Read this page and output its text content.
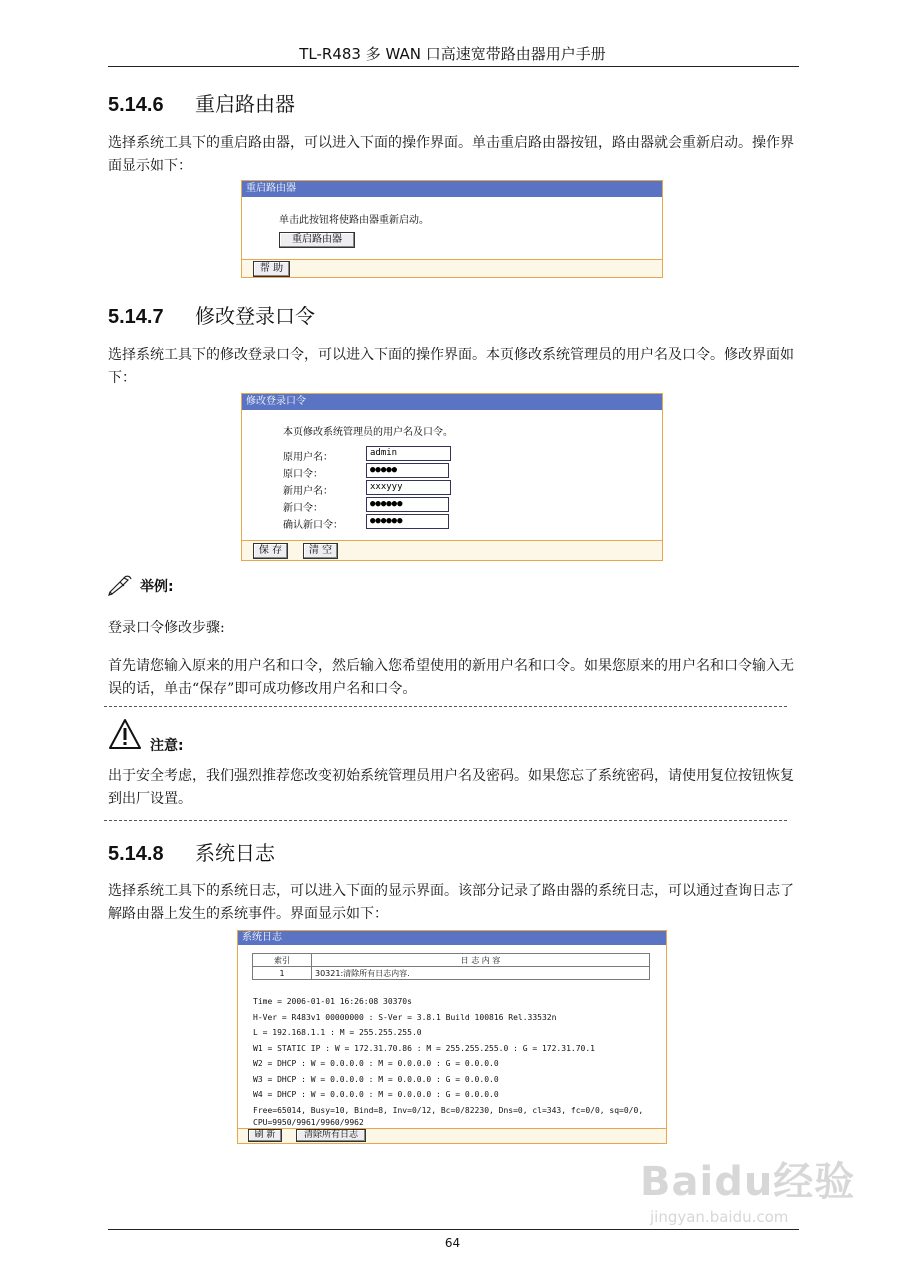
TL-R483 多 WAN 口高速宽带路由器用户手册
5.14.6 重启路由器
选择系统工具下的重启路由器，可以进入下面的操作界面。单击重启路由器按钮，路由器就会重新启动。操作界面显示如下：
重启路由器
单击此按钮将使路由器重新启动。
重启路由器
帮 助
5.14.7 修改登录口令
选择系统工具下的修改登录口令，可以进入下面的操作界面。本页修改系统管理员的用户名及口令。修改界面如下：
修改登录口令
本页修改系统管理员的用户名及口令。
原用户名：	admin
原口令：	●●●●●
新用户名：	xxxyyy
新口令：	●●●●●●
确认新口令：	●●●●●●
保 存	清 空
举例:
登录口令修改步骤:
首先请您输入原来的用户名和口令，然后输入您希望使用的新用户名和口令。如果您原来的用户名和口令输入无误的话，单击“保存”即可成功修改用户名和口令。
注意:
出于安全考虑，我们强烈推荐您改变初始系统管理员用户名及密码。如果您忘了系统密码，请使用复位按钮恢复到出厂设置。
5.14.8 系统日志
选择系统工具下的系统日志，可以进入下面的显示界面。该部分记录了路由器的系统日志，可以通过查询日志了解路由器上发生的系统事件。界面显示如下：
系统日志
索引	日 志 内 容
1	30321:清除所有日志内容.
Time = 2006-01-01 16:26:08 30370s
H-Ver = R483v1 00000000 : S-Ver = 3.8.1 Build 100816 Rel.33532n
L = 192.168.1.1 : M = 255.255.255.0
W1 = STATIC IP : W = 172.31.70.86 : M = 255.255.255.0 : G = 172.31.70.1
W2 = DHCP : W = 0.0.0.0 : M = 0.0.0.0 : G = 0.0.0.0
W3 = DHCP : W = 0.0.0.0 : M = 0.0.0.0 : G = 0.0.0.0
W4 = DHCP : W = 0.0.0.0 : M = 0.0.0.0 : G = 0.0.0.0
Free=65014, Busy=10, Bind=8, Inv=0/12, Bc=0/82230, Dns=0, cl=343, fc=0/0, sq=0/0,
CPU=9950/9961/9960/9962
刷 新	清除所有日志
Baidu经验
jingyan.baidu.com
64
